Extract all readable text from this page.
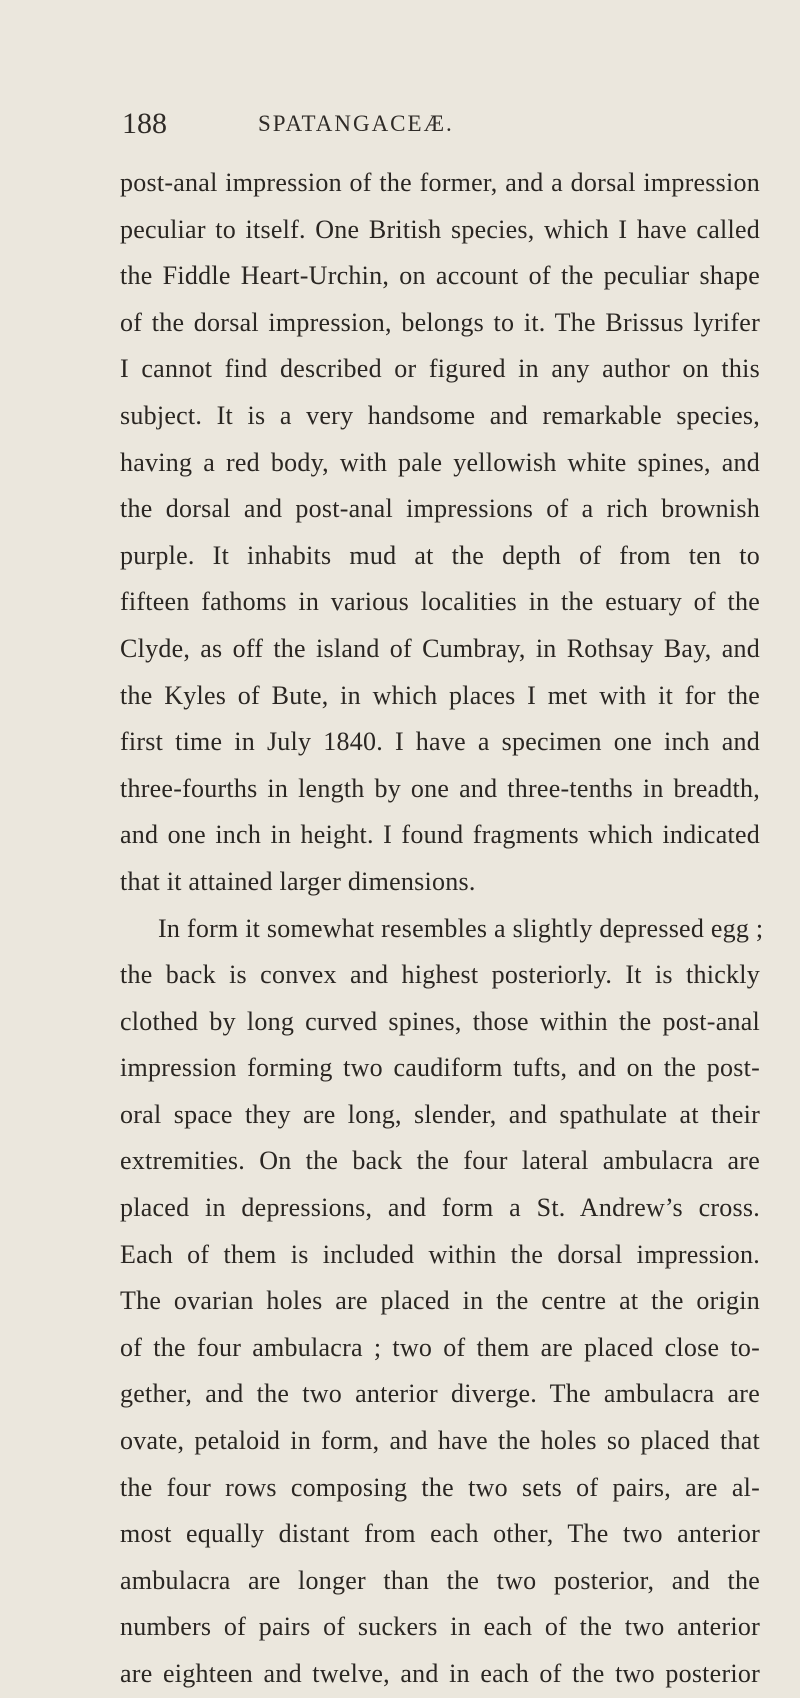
188	SPATANGACEÆ.
post-anal impression of the former, and a dorsal impression
peculiar to itself. One British species, which I have called
the Fiddle Heart-Urchin, on account of the peculiar shape
of the dorsal impression, belongs to it. The Brissus lyrifer
I cannot find described or figured in any author on this
subject. It is a very handsome and remarkable species,
having a red body, with pale yellowish white spines, and
the dorsal and post-anal impressions of a rich brownish
purple. It inhabits mud at the depth of from ten to
fifteen fathoms in various localities in the estuary of the
Clyde, as off the island of Cumbray, in Rothsay Bay, and
the Kyles of Bute, in which places I met with it for the
first time in July 1840. I have a specimen one inch and
three-fourths in length by one and three-tenths in breadth,
and one inch in height. I found fragments which indicated
that it attained larger dimensions.
In form it somewhat resembles a slightly depressed egg ;
the back is convex and highest posteriorly. It is thickly
clothed by long curved spines, those within the post-anal
impression forming two caudiform tufts, and on the post-
oral space they are long, slender, and spathulate at their
extremities. On the back the four lateral ambulacra are
placed in depressions, and form a St. Andrew’s cross.
Each of them is included within the dorsal impression.
The ovarian holes are placed in the centre at the origin
of the four ambulacra ; two of them are placed close to-
gether, and the two anterior diverge. The ambulacra are
ovate, petaloid in form, and have the holes so placed that
the four rows composing the two sets of pairs, are al-
most equally distant from each other, The two anterior
ambulacra are longer than the two posterior, and the
numbers of pairs of suckers in each of the two anterior
are eighteen and twelve, and in each of the two posterior
